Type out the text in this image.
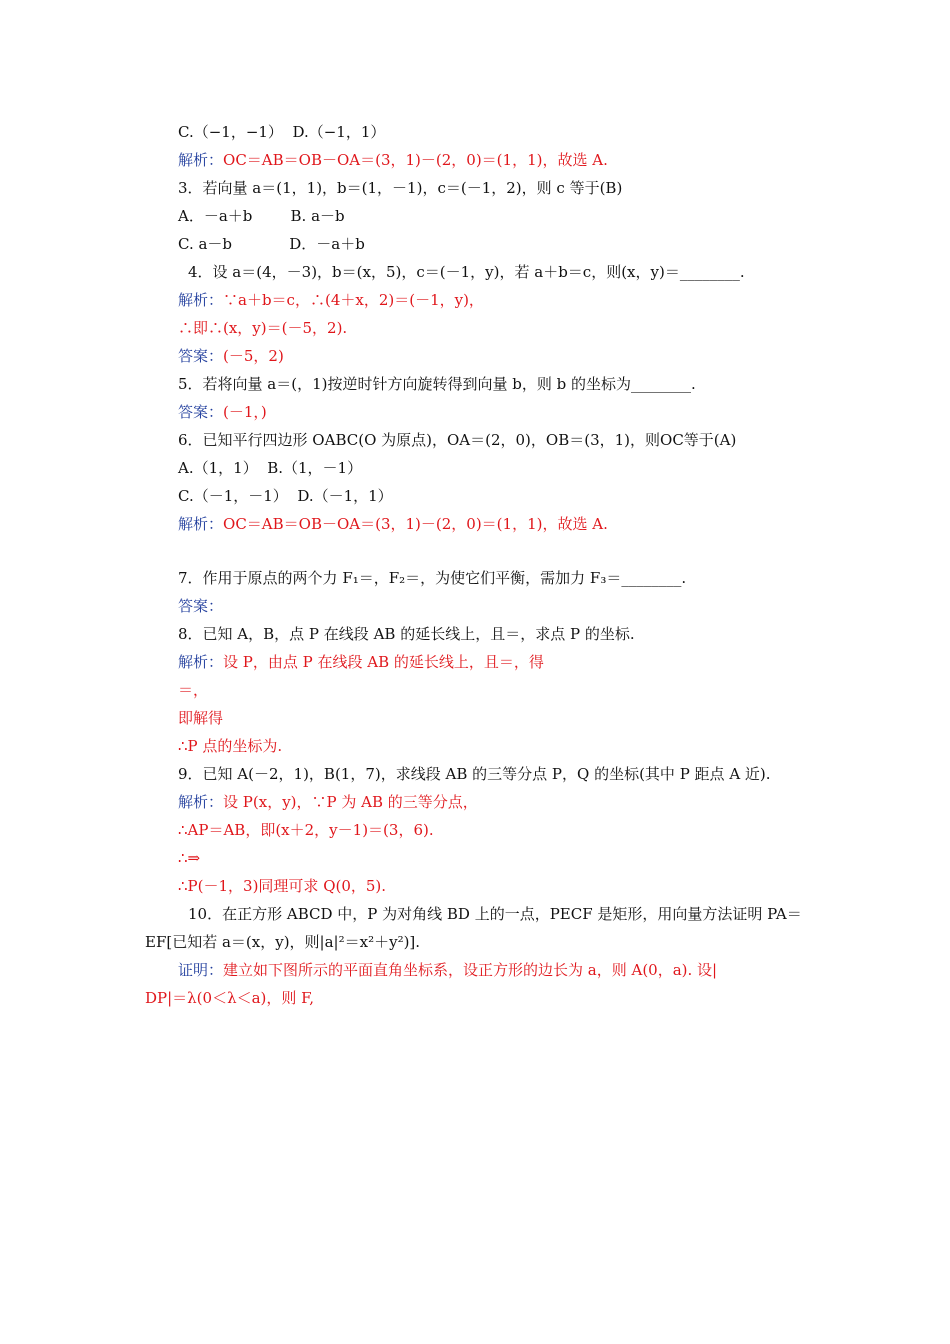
C.（−1，−1）  D.（−1，1）
解析：OC＝AB＝OB－OA＝(3，1)－(2，0)＝(1，1)，故选 A.
3．若向量 a＝(1，1)，b＝(1，－1)，c＝(－1，2)，则 c 等于(B)
A．－a＋b        B. a－b
C. a－b            D．－a＋b
4．设 a＝(4，－3)，b＝(x，5)，c＝(－1，y)，若 a＋b＝c，则(x，y)＝________.
解析：∵a＋b＝c，∴(4＋x，2)＝(－1，y)，
∴即∴(x，y)＝(－5，2).
答案：(－5，2)
5．若将向量 a＝(，1)按逆时针方向旋转得到向量 b，则 b 的坐标为________.
答案：(－1，)
6．已知平行四边形 OABC(O 为原点)，OA＝(2，0)，OB＝(3，1)，则OC等于(A)
A.（1，1）  B.（1，－1）
C.（－1，－1）  D.（－1，1）
解析：OC＝AB＝OB－OA＝(3，1)－(2，0)＝(1，1)，故选 A.
7．作用于原点的两个力 F₁＝，F₂＝，为使它们平衡，需加力 F₃＝________.
答案：
8．已知 A，B，点 P 在线段 AB 的延长线上，且＝，求点 P 的坐标.
解析：设 P，由点 P 在线段 AB 的延长线上，且＝，得
＝，
即解得
∴P 点的坐标为.
9．已知 A(－2，1)，B(1，7)，求线段 AB 的三等分点 P，Q 的坐标(其中 P 距点 A 近).
解析：设 P(x，y)，∵P 为 AB 的三等分点，
∴AP＝AB，即(x＋2，y－1)＝(3，6).
∴⇒
∴P(－1，3)同理可求 Q(0，5).
10．在正方形 ABCD 中，P 为对角线 BD 上的一点，PECF 是矩形，用向量方法证明 PA＝
EF[已知若 a＝(x，y)，则|a|²＝x²＋y²)].
证明：建立如下图所示的平面直角坐标系，设正方形的边长为 a，则 A(0，a). 设|
DP|＝λ(0＜λ＜a)，则 F,
